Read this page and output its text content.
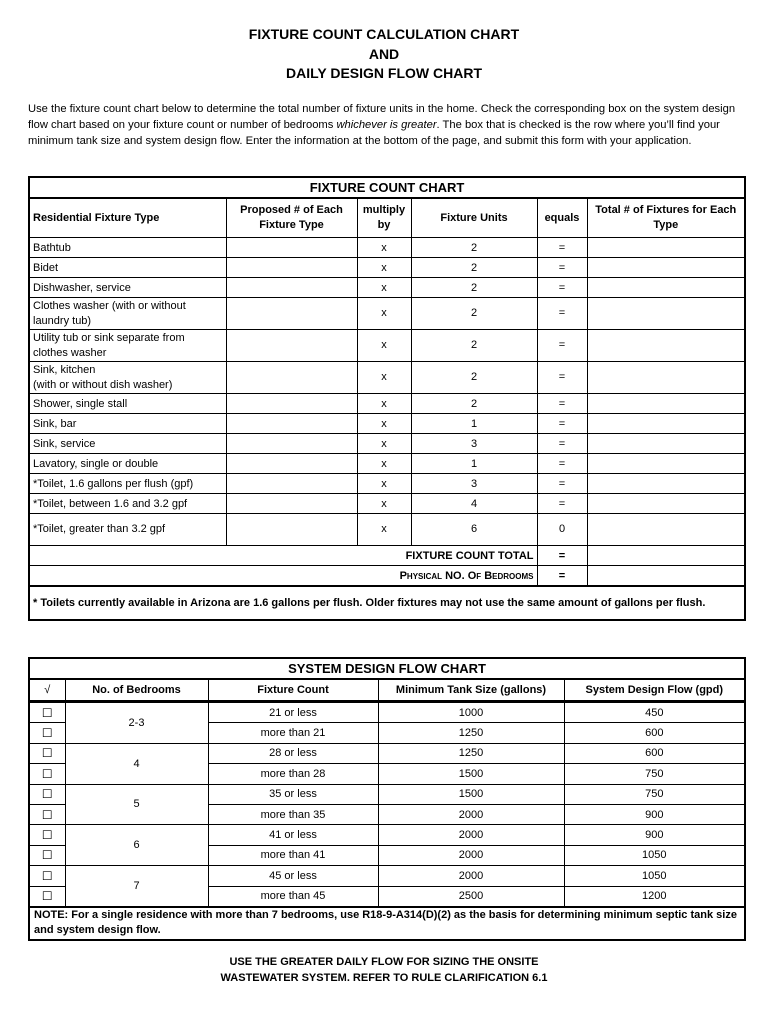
FIXTURE COUNT CALCULATION CHART
AND
DAILY DESIGN FLOW CHART
Use the fixture count chart below to determine the total number of fixture units in the home. Check the corresponding box on the system design flow chart based on your fixture count or number of bedrooms whichever is greater. The box that is checked is the row where you’ll find your minimum tank size and system design flow. Enter the information at the bottom of the page, and submit this form with your application.
FIXTURE COUNT CHART					
Residential Fixture Type	Proposed # of Each Fixture Type	multiply by	Fixture Units	equals	Total # of Fixtures for Each Type
Bathtub		x	2	=	
Bidet		x	2	=	
Dishwasher, service		x	2	=	
Clothes washer (with or without laundry tub)		x	2	=	
Utility tub or sink separate from clothes washer		x	2	=	
Sink, kitchen
(with or without dish washer)		x	2	=	
Shower, single stall		x	2	=	
Sink, bar		x	1	=	
Sink, service		x	3	=	
Lavatory, single or double		x	1	=	
*Toilet, 1.6 gallons per flush (gpf)		x	3	=	
*Toilet, between 1.6 and 3.2 gpf		x	4	=	
*Toilet, greater than 3.2 gpf		x	6	0	
FIXTURE COUNT TOTAL				=	
Physical NO. Of Bedrooms				=	
* Toilets currently available in Arizona are 1.6 gallons per flush. Older fixtures may not use the same amount of gallons per flush.					
SYSTEM DESIGN FLOW CHART				
√	No. of Bedrooms	Fixture Count	Minimum Tank Size (gallons)	System Design Flow (gpd)
☐	2-3	21 or less	1000	450
☐		more than 21	1250	600
☐	4	28 or less	1250	600
☐		more than 28	1500	750
☐	5	35 or less	1500	750
☐		more than 35	2000	900
☐	6	41 or less	2000	900
☐		more than 41	2000	1050
☐	7	45 or less	2000	1050
☐		more than 45	2500	1200
NOTE: For a single residence with more than 7 bedrooms, use R18-9-A314(D)(2) as the basis for determining minimum septic tank size and system design flow.				
USE THE GREATER DAILY FLOW FOR SIZING THE ONSITE
WASTEWATER SYSTEM. REFER TO RULE CLARIFICATION 6.1
